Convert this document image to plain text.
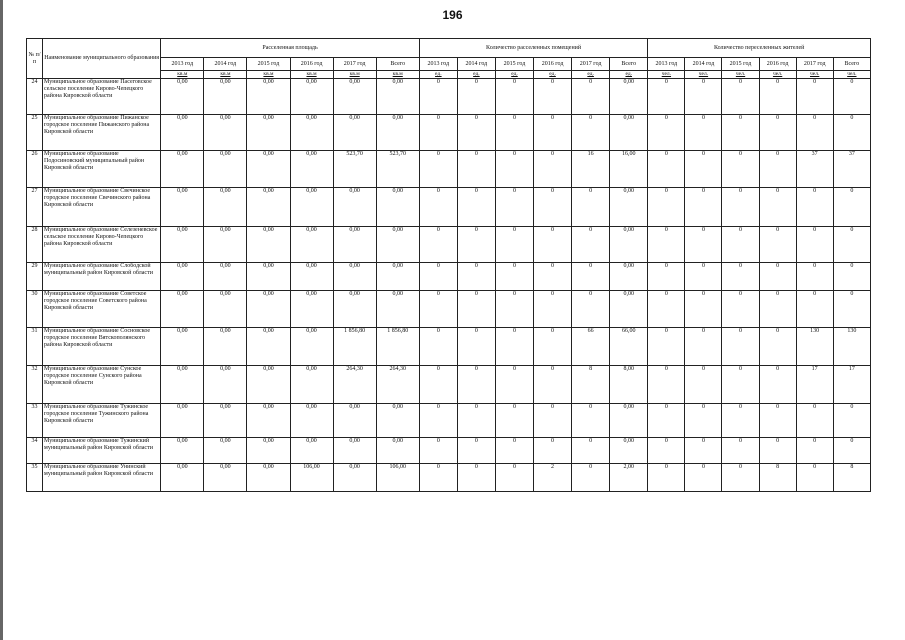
196
№ п/п	Наименование муниципального образования	Расселенная площадь						Количество расселенных помещений						Количество переселенных жителей					
		2013 год	2014 год	2015 год	2016 год	2017 год	Всего	2013 год	2014 год	2015 год	2016 год	2017 год	Всего	2013 год	2014 год	2015 год	2016 год	2017 год	Всего
		кв.м	кв.м	кв.м	кв.м	кв.м	кв.м	ед.	ед.	ед.	ед.	ед.	ед.	чел.	чел.	чел.	чел.	чел.	чел.
24	Муниципальное образование Пасеговское сельское поселение Кирово-Чепецкого района Кировской области	0,00	0,00	0,00	0,00	0,00	0,00	0	0	0	0	0	0,00	0	0	0	0	0	0
25	Муниципальное образование Пижанское городское поселение Пижанского района Кировской области	0,00	0,00	0,00	0,00	0,00	0,00	0	0	0	0	0	0,00	0	0	0	0	0	0
26	Муниципальное образование Подосиновский муниципальный район Кировской области	0,00	0,00	0,00	0,00	523,70	523,70	0	0	0	0	16	16,00	0	0	0	0	37	37
27	Муниципальное образование Свечинское городское поселение Свечинского района Кировской области	0,00	0,00	0,00	0,00	0,00	0,00	0	0	0	0	0	0,00	0	0	0	0	0	0
28	Муниципальное образование Селезеневское сельское поселение Кирово-Чепецкого района Кировской области	0,00	0,00	0,00	0,00	0,00	0,00	0	0	0	0	0	0,00	0	0	0	0	0	0
29	Муниципальное образование Слободской муниципальный район Кировской области	0,00	0,00	0,00	0,00	0,00	0,00	0	0	0	0	0	0,00	0	0	0	0	0	0
30	Муниципальное образование Советское городское поселение Советского района Кировской области	0,00	0,00	0,00	0,00	0,00	0,00	0	0	0	0	0	0,00	0	0	0	0	0	0
31	Муниципальное образование Сосновское городское поселение Вятскополянского района Кировской области	0,00	0,00	0,00	0,00	1 856,80	1 856,80	0	0	0	0	66	66,00	0	0	0	0	130	130
32	Муниципальное образование Сунское городское поселение Сунского района Кировской области	0,00	0,00	0,00	0,00	264,30	264,30	0	0	0	0	8	8,00	0	0	0	0	17	17
33	Муниципальное образование Тужинское городское поселение Тужинского района Кировской области	0,00	0,00	0,00	0,00	0,00	0,00	0	0	0	0	0	0,00	0	0	0	0	0	0
34	Муниципальное образование Тужинский муниципальный район Кировской области	0,00	0,00	0,00	0,00	0,00	0,00	0	0	0	0	0	0,00	0	0	0	0	0	0
35	Муниципальное образование Унинский муниципальный район Кировской области	0,00	0,00	0,00	106,00	0,00	106,00	0	0	0	2	0	2,00	0	0	0	8	0	8
